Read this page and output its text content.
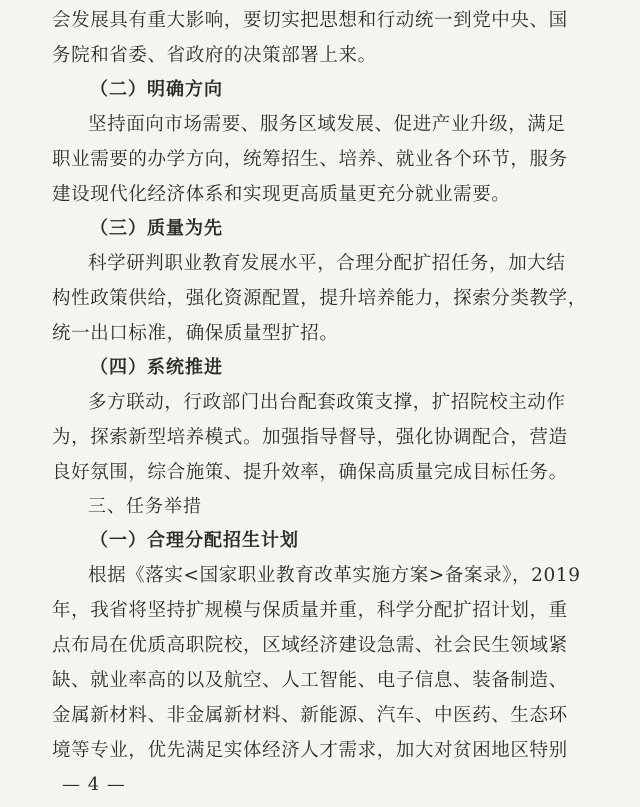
会发展具有重大影响，要切实把思想和行动统一到党中央、国
务院和省委、省政府的决策部署上来。
（二）明确方向
坚持面向市场需要、服务区域发展、促进产业升级，满足
职业需要的办学方向，统筹招生、培养、就业各个环节，服务
建设现代化经济体系和实现更高质量更充分就业需要。
（三）质量为先
科学研判职业教育发展水平，合理分配扩招任务，加大结
构性政策供给，强化资源配置，提升培养能力，探索分类教学，
统一出口标准，确保质量型扩招。
（四）系统推进
多方联动，行政部门出台配套政策支撑，扩招院校主动作
为，探索新型培养模式。加强指导督导，强化协调配合，营造
良好氛围，综合施策、提升效率，确保高质量完成目标任务。
三、任务举措
（一）合理分配招生计划
根据《落实<国家职业教育改革实施方案>备案录》，2019
年，我省将坚持扩规模与保质量并重，科学分配扩招计划，重
点布局在优质高职院校，区域经济建设急需、社会民生领域紧
缺、就业率高的以及航空、人工智能、电子信息、装备制造、
金属新材料、非金属新材料、新能源、汽车、中医药、生态环
境等专业，优先满足实体经济人才需求，加大对贫困地区特别
— 4 —
